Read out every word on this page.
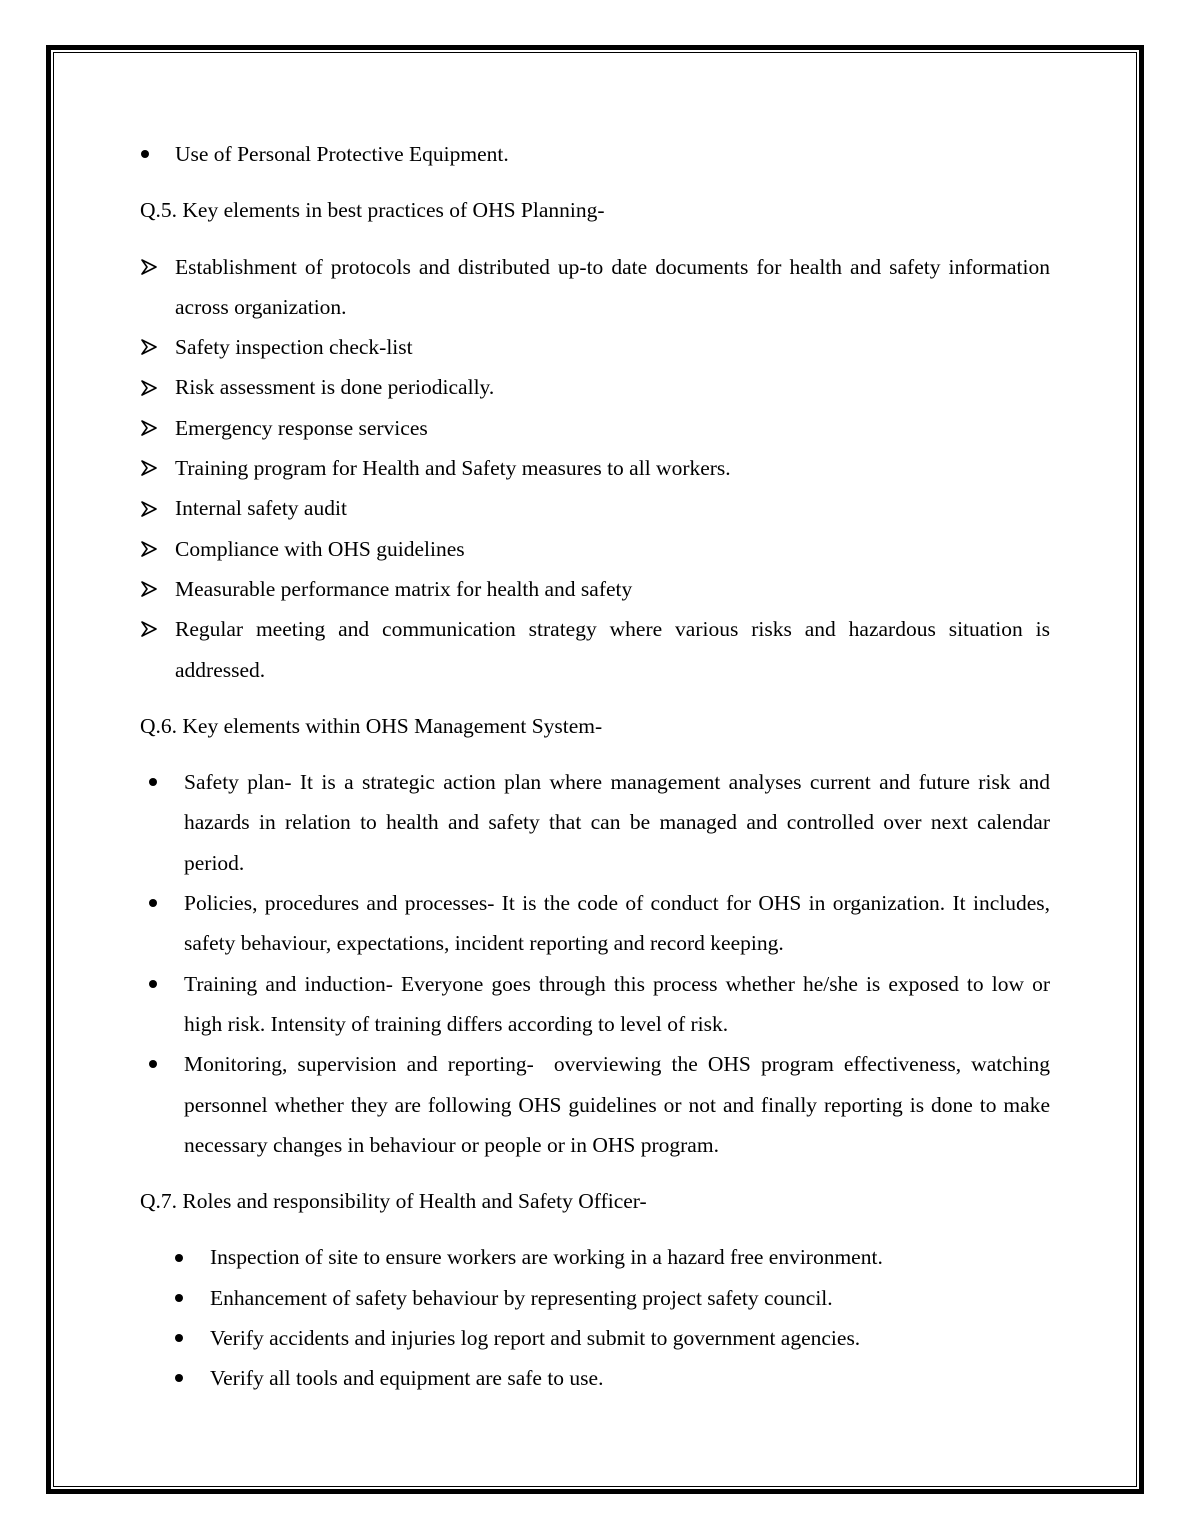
Use of Personal Protective Equipment.

Q.5. Key elements in best practices of OHS Planning-

Establishment of protocols and distributed up-to date documents for health and safety information across organization.
Safety inspection check-list
Risk assessment is done periodically.
Emergency response services
Training program for Health and Safety measures to all workers.
Internal safety audit
Compliance with OHS guidelines
Measurable performance matrix for health and safety
Regular meeting and communication strategy where various risks and hazardous situation is addressed.

Q.6. Key elements within OHS Management System-

Safety plan- It is a strategic action plan where management analyses current and future risk and hazards in relation to health and safety that can be managed and controlled over next calendar period.
Policies, procedures and processes- It is the code of conduct for OHS in organization. It includes, safety behaviour, expectations, incident reporting and record keeping.
Training and induction- Everyone goes through this process whether he/she is exposed to low or high risk. Intensity of training differs according to level of risk.
Monitoring, supervision and reporting-  overviewing the OHS program effectiveness, watching personnel whether they are following OHS guidelines or not and finally reporting is done to make necessary changes in behaviour or people or in OHS program.

Q.7. Roles and responsibility of Health and Safety Officer-

Inspection of site to ensure workers are working in a hazard free environment.
Enhancement of safety behaviour by representing project safety council.
Verify accidents and injuries log report and submit to government agencies.
Verify all tools and equipment are safe to use.
